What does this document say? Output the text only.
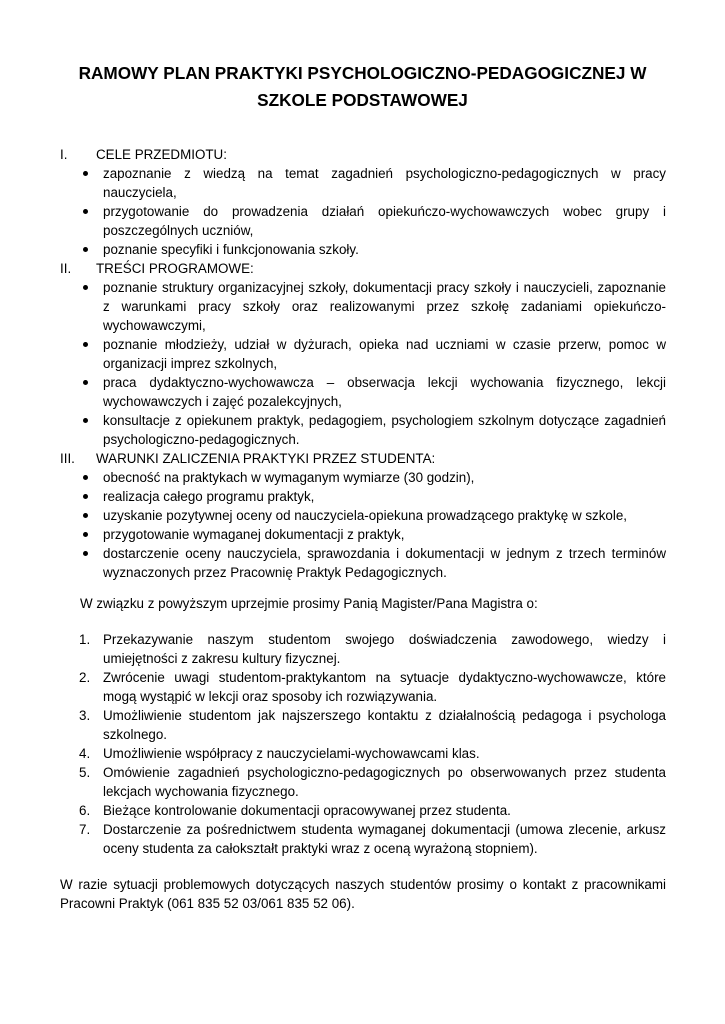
RAMOWY PLAN PRAKTYKI PSYCHOLOGICZNO-PEDAGOGICZNEJ W SZKOLE PODSTAWOWEJ
I. CELE PRZEDMIOTU:
zapoznanie z wiedzą na temat zagadnień psychologiczno-pedagogicznych w pracy nauczyciela,
przygotowanie do prowadzenia działań opiekuńczo-wychowawczych wobec grupy i poszczególnych uczniów,
poznanie specyfiki i funkcjonowania szkoły.
II. TREŚCI PROGRAMOWE:
poznanie struktury organizacyjnej szkoły, dokumentacji pracy szkoły i nauczycieli, zapoznanie z warunkami pracy szkoły oraz realizowanymi przez szkołę zadaniami opiekuńczo-wychowawczymi,
poznanie młodzieży, udział w dyżurach, opieka nad uczniami w czasie przerw, pomoc w organizacji imprez szkolnych,
praca dydaktyczno-wychowawcza – obserwacja lekcji wychowania fizycznego, lekcji wychowawczych i zajęć pozalekcyjnych,
konsultacje z opiekunem praktyk, pedagogiem, psychologiem szkolnym dotyczące zagadnień psychologiczno-pedagogicznych.
III. WARUNKI ZALICZENIA PRAKTYKI PRZEZ STUDENTA:
obecność na praktykach w wymaganym wymiarze (30 godzin),
realizacja całego programu praktyk,
uzyskanie pozytywnej oceny od nauczyciela-opiekuna prowadzącego praktykę w szkole,
przygotowanie wymaganej dokumentacji z praktyk,
dostarczenie oceny nauczyciela, sprawozdania i dokumentacji w jednym z trzech terminów wyznaczonych przez Pracownię Praktyk Pedagogicznych.
W związku z powyższym uprzejmie prosimy Panią Magister/Pana Magistra o:
1. Przekazywanie naszym studentom swojego doświadczenia zawodowego, wiedzy i umiejętności z zakresu kultury fizycznej.
2. Zwrócenie uwagi studentom-praktykantom na sytuacje dydaktyczno-wychowawcze, które mogą wystąpić w lekcji oraz sposoby ich rozwiązywania.
3. Umożliwienie studentom jak najszerszego kontaktu z działalnością pedagoga i psychologa szkolnego.
4. Umożliwienie współpracy z nauczycielami-wychowawcami klas.
5. Omówienie zagadnień psychologiczno-pedagogicznych po obserwowanych przez studenta lekcjach wychowania fizycznego.
6. Bieżące kontrolowanie dokumentacji opracowywanej przez studenta.
7. Dostarczenie za pośrednictwem studenta wymaganej dokumentacji (umowa zlecenie, arkusz oceny studenta za całokształt praktyki wraz z oceną wyrażoną stopniem).
W razie sytuacji problemowych dotyczących naszych studentów prosimy o kontakt z pracownikami Pracowni Praktyk (061 835 52 03/061 835 52 06).
